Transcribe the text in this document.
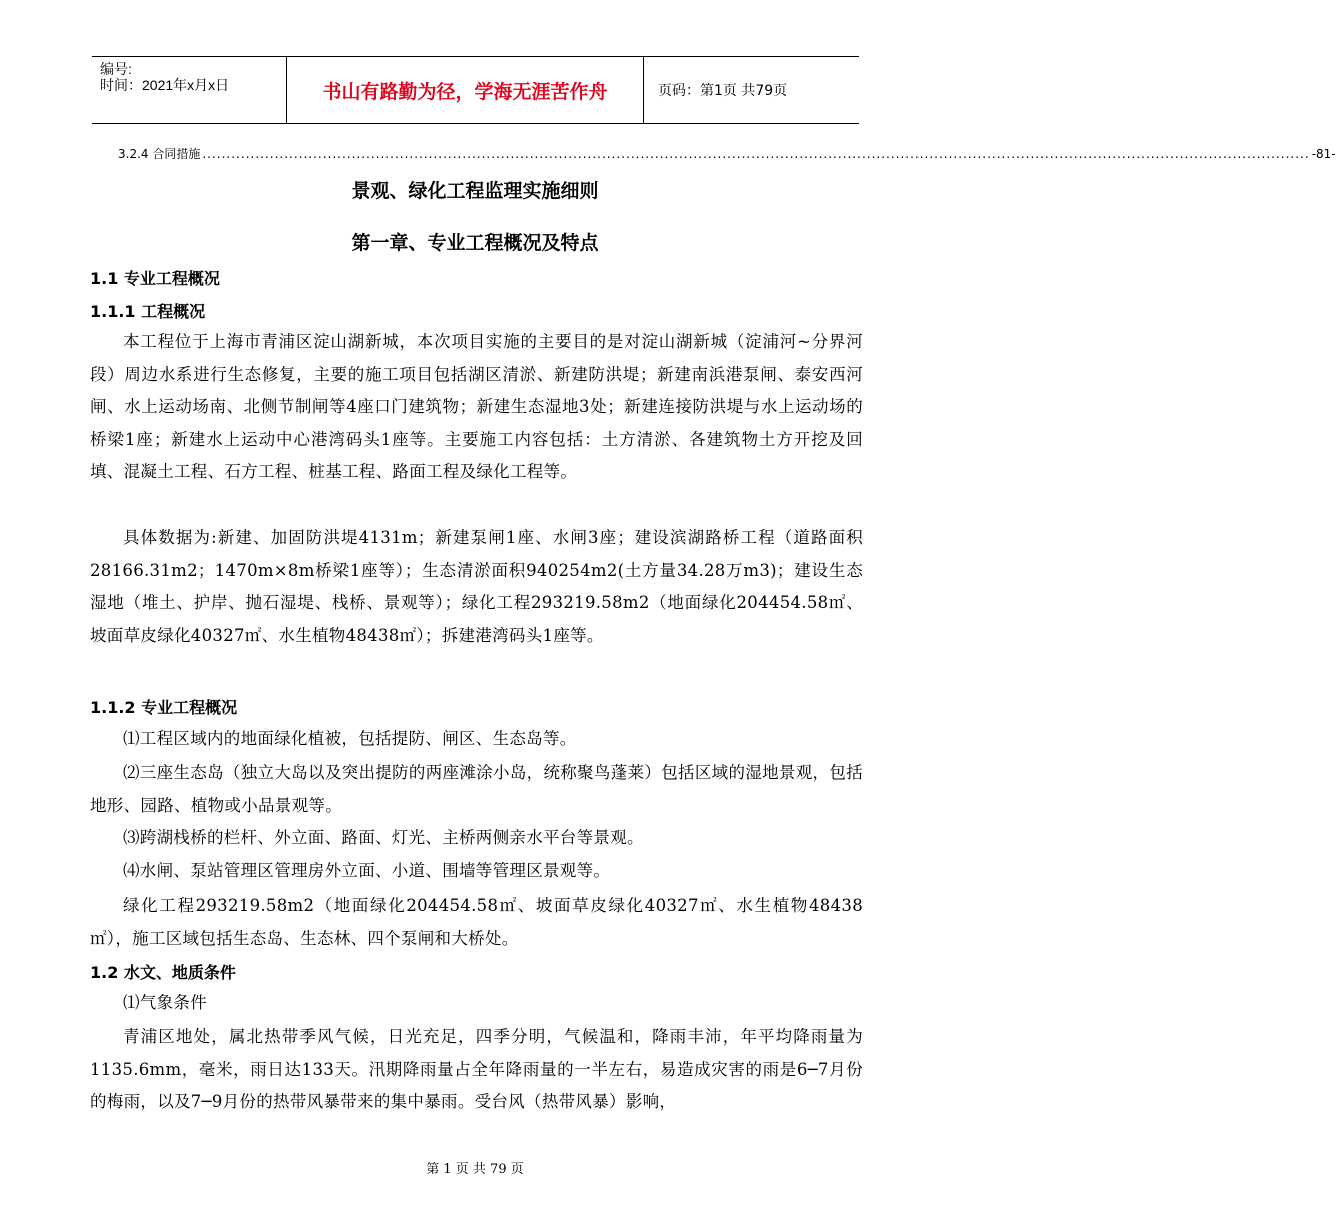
编号:
时间：2021年x月x日	书山有路勤为径，学海无涯苦作舟	页码：第1页 共79页
3.2.4 合同措施 ...................................................................................................................................................................................................................................... -81-
景观、绿化工程监理实施细则
第一章、专业工程概况及特点
1.1 专业工程概况
1.1.1 工程概况

本工程位于上海市青浦区淀山湖新城，本次项目实施的主要目的是对淀山湖新城（淀浦河~分界河段）周边水系进行生态修复，主要的施工项目包括湖区清淤、新建防洪堤；新建南浜港泵闸、泰安西河闸、水上运动场南、北侧节制闸等4座口门建筑物；新建生态湿地3处；新建连接防洪堤与水上运动场的桥梁1座；新建水上运动中心港湾码头1座等。主要施工内容包括：土方清淤、各建筑物土方开挖及回填、混凝土工程、石方工程、桩基工程、路面工程及绿化工程等。

具体数据为:新建、加固防洪堤4131m；新建泵闸1座、水闸3座；建设滨湖路桥工程（道路面积28166.31m2；1470m×8m桥梁1座等）；生态清淤面积940254m2(土方量34.28万m3)；建设生态湿地（堆土、护岸、抛石湿堤、栈桥、景观等）；绿化工程293219.58m2（地面绿化204454.58㎡、坡面草皮绿化40327㎡、水生植物48438㎡）；拆建港湾码头1座等。

1.1.2 专业工程概况
⑴工程区域内的地面绿化植被，包括提防、闸区、生态岛等。
⑵三座生态岛（独立大岛以及突出提防的两座滩涂小岛，统称聚鸟蓬莱）包括区域的湿地景观，包括地形、园路、植物或小品景观等。
⑶跨湖栈桥的栏杆、外立面、路面、灯光、主桥两侧亲水平台等景观。
⑷水闸、泵站管理区管理房外立面、小道、围墙等管理区景观等。

绿化工程293219.58m2（地面绿化204454.58㎡、坡面草皮绿化40327㎡、水生植物48438㎡），施工区域包括生态岛、生态林、四个泵闸和大桥处。

1.2 水文、地质条件
⑴气象条件

青浦区地处，属北热带季风气候，日光充足，四季分明，气候温和，降雨丰沛，年平均降雨量为1135.6mm，毫米，雨日达133天。汛期降雨量占全年降雨量的一半左右，易造成灾害的雨是6─7月份的梅雨，以及7─9月份的热带风暴带来的集中暴雨。受台风（热带风暴）影响，

第 1 页 共 79 页
